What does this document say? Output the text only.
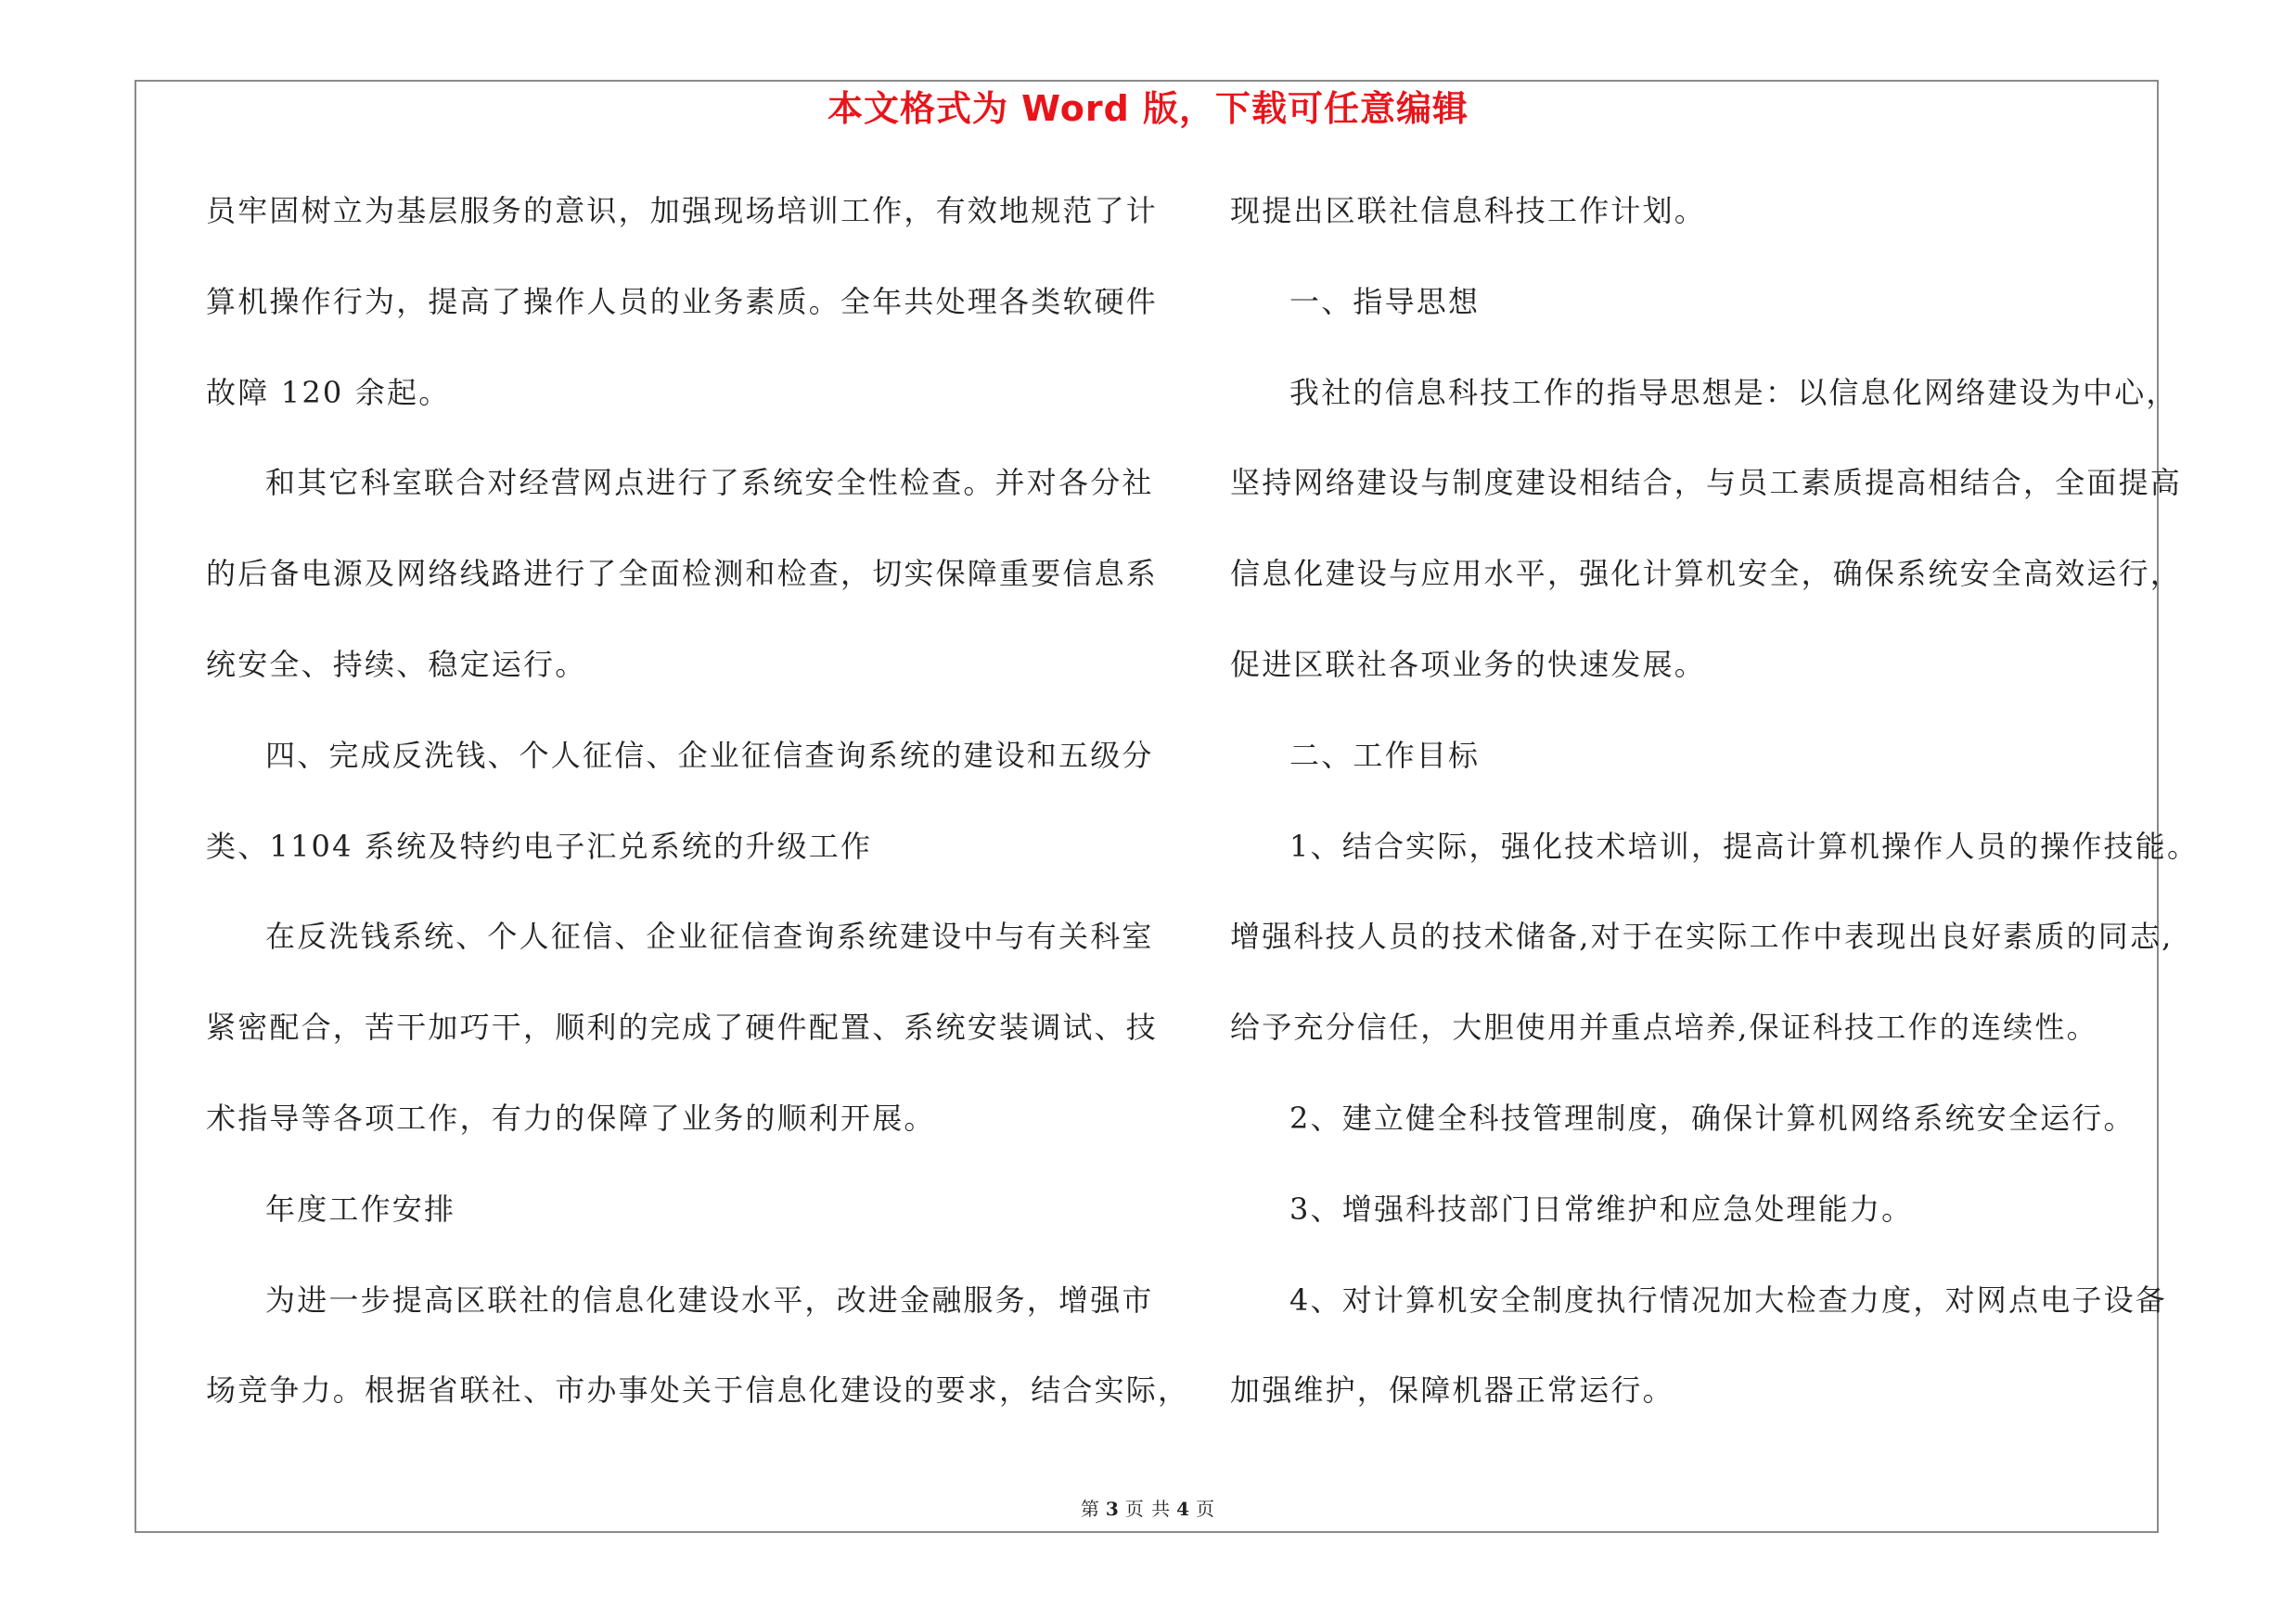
本文格式为 Word 版，下载可任意编辑
员牢固树立为基层服务的意识，加强现场培训工作，有效地规范了计
算机操作行为，提高了操作人员的业务素质。全年共处理各类软硬件
故障 120 余起。
和其它科室联合对经营网点进行了系统安全性检查。并对各分社
的后备电源及网络线路进行了全面检测和检查，切实保障重要信息系
统安全、持续、稳定运行。
四、完成反洗钱、个人征信、企业征信查询系统的建设和五级分
类、1104 系统及特约电子汇兑系统的升级工作
在反洗钱系统、个人征信、企业征信查询系统建设中与有关科室
紧密配合，苦干加巧干，顺利的完成了硬件配置、系统安装调试、技
术指导等各项工作，有力的保障了业务的顺利开展。
年度工作安排
为进一步提高区联社的信息化建设水平，改进金融服务，增强市
场竞争力。根据省联社、市办事处关于信息化建设的要求，结合实际，
现提出区联社信息科技工作计划。
一、指导思想
我社的信息科技工作的指导思想是：以信息化网络建设为中心，
坚持网络建设与制度建设相结合，与员工素质提高相结合，全面提高
信息化建设与应用水平，强化计算机安全，确保系统安全高效运行，
促进区联社各项业务的快速发展。
二、工作目标
1、结合实际，强化技术培训，提高计算机操作人员的操作技能。
增强科技人员的技术储备,对于在实际工作中表现出良好素质的同志,
给予充分信任，大胆使用并重点培养,保证科技工作的连续性。
2、建立健全科技管理制度，确保计算机网络系统安全运行。
3、增强科技部门日常维护和应急处理能力。
4、对计算机安全制度执行情况加大检查力度，对网点电子设备
加强维护，保障机器正常运行。
第 3 页 共 4 页
